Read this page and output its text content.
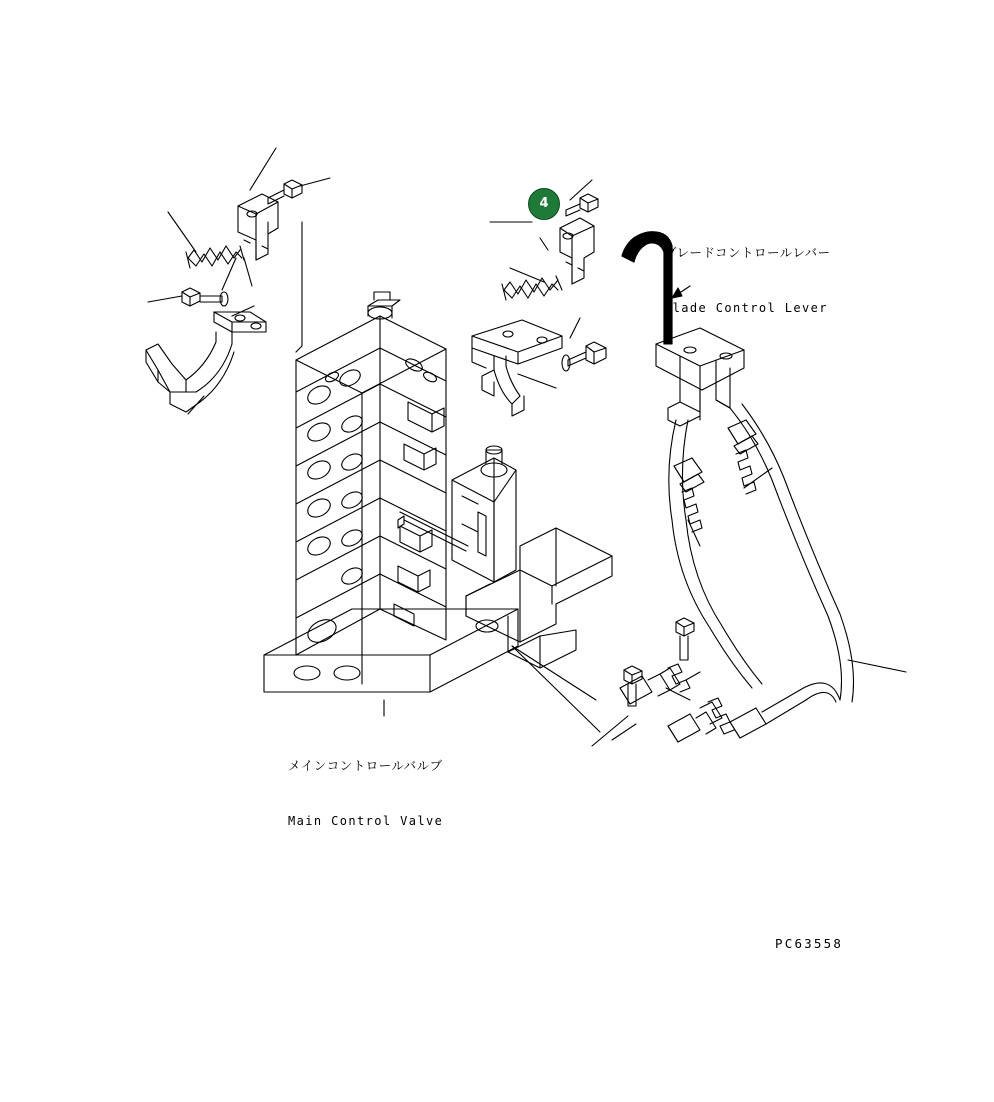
4

ブレードコントロールレバー

Blade Control Lever

メインコントロールバルブ

Main Control Valve

PC63558
